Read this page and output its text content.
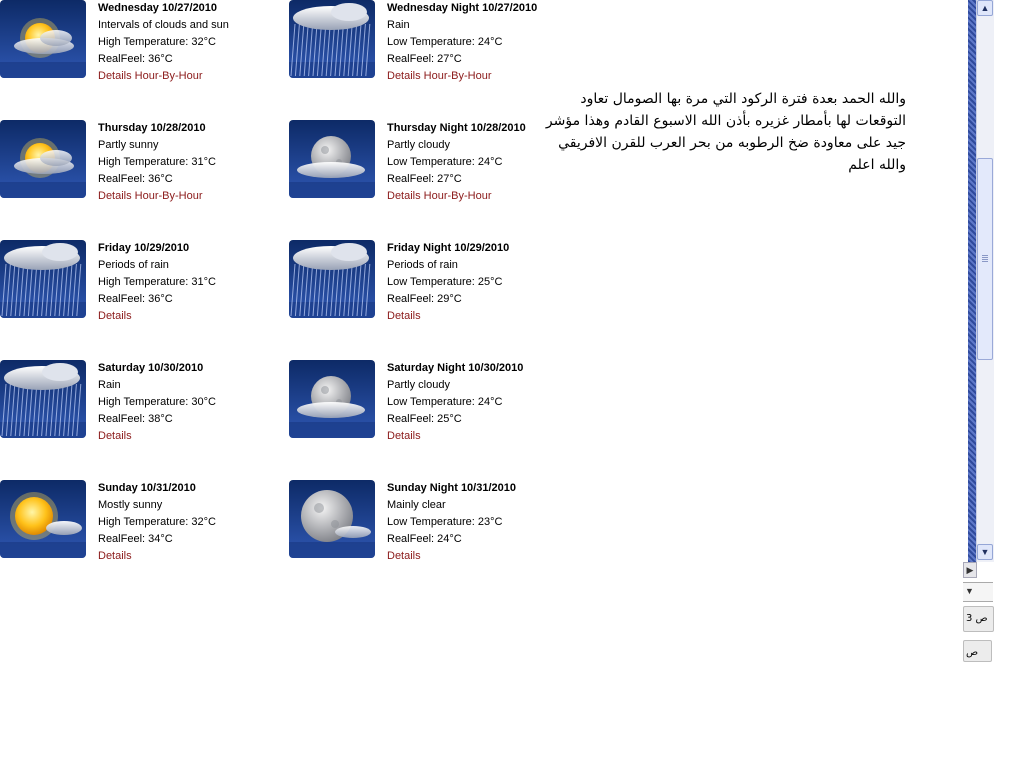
والله الحمد بعدة فترة الركود التي مرة بها الصومال تعاود
التوقعات لها بأمطار غزيره بأذن الله الاسبوع القادم وهذا مؤشر
جيد على معاودة ضخ الرطوبه من بحر العرب للقرن الافريقي
والله اعلم
Wednesday 10/27/2010
Intervals of clouds and sun
High Temperature: 32°C
RealFeel: 36°C
Details Hour-By-Hour
Wednesday Night 10/27/2010
Rain
Low Temperature: 24°C
RealFeel: 27°C
Details Hour-By-Hour
Thursday 10/28/2010
Partly sunny
High Temperature: 31°C
RealFeel: 36°C
Details Hour-By-Hour
Thursday Night 10/28/2010
Partly cloudy
Low Temperature: 24°C
RealFeel: 27°C
Details Hour-By-Hour
Friday 10/29/2010
Periods of rain
High Temperature: 31°C
RealFeel: 36°C
Details
Friday Night 10/29/2010
Periods of rain
Low Temperature: 25°C
RealFeel: 29°C
Details
Saturday 10/30/2010
Rain
High Temperature: 30°C
RealFeel: 38°C
Details
Saturday Night 10/30/2010
Partly cloudy
Low Temperature: 24°C
RealFeel: 25°C
Details
Sunday 10/31/2010
Mostly sunny
High Temperature: 32°C
RealFeel: 34°C
Details
Sunday Night 10/31/2010
Mainly clear
Low Temperature: 23°C
RealFeel: 24°C
Details
▲
▼
▶
▼
ص 3
ص
